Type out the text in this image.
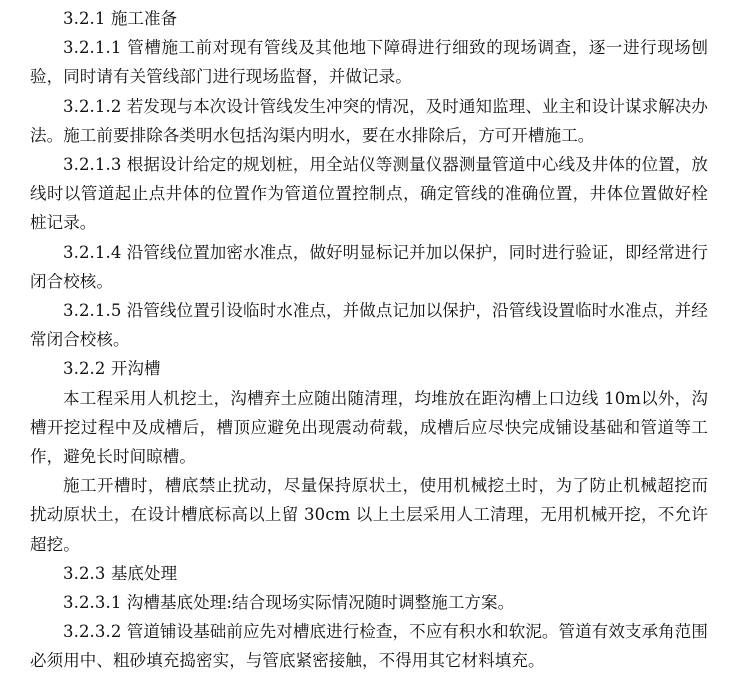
3.2.1 施工准备

3.2.1.1 管槽施工前对现有管线及其他地下障碍进行细致的现场调查，逐一进行现场刨验，同时请有关管线部门进行现场监督，并做记录。

3.2.1.2 若发现与本次设计管线发生冲突的情况，及时通知监理、业主和设计谋求解决办法。施工前要排除各类明水包括沟渠内明水，要在水排除后，方可开槽施工。

3.2.1.3 根据设计给定的规划桩，用全站仪等测量仪器测量管道中心线及井体的位置，放线时以管道起止点井体的位置作为管道位置控制点，确定管线的准确位置，井体位置做好栓桩记录。

3.2.1.4 沿管线位置加密水准点，做好明显标记并加以保护，同时进行验证，即经常进行闭合校核。

3.2.1.5 沿管线位置引设临时水准点，并做点记加以保护，沿管线设置临时水准点，并经常闭合校核。

3.2.2 开沟槽

本工程采用人机挖土，沟槽弃土应随出随清理，均堆放在距沟槽上口边线 10m以外，沟槽开挖过程中及成槽后，槽顶应避免出现震动荷载，成槽后应尽快完成铺设基础和管道等工作，避免长时间晾槽。

施工开槽时，槽底禁止扰动，尽量保持原状土，使用机械挖土时，为了防止机械超挖而扰动原状土，在设计槽底标高以上留 30cm 以上土层采用人工清理，无用机械开挖，不允许超挖。

3.2.3 基底处理

3.2.3.1 沟槽基底处理:结合现场实际情况随时调整施工方案。

3.2.3.2 管道铺设基础前应先对槽底进行检查，不应有积水和软泥。管道有效支承角范围必须用中、粗砂填充捣密实，与管底紧密接触，不得用其它材料填充。
